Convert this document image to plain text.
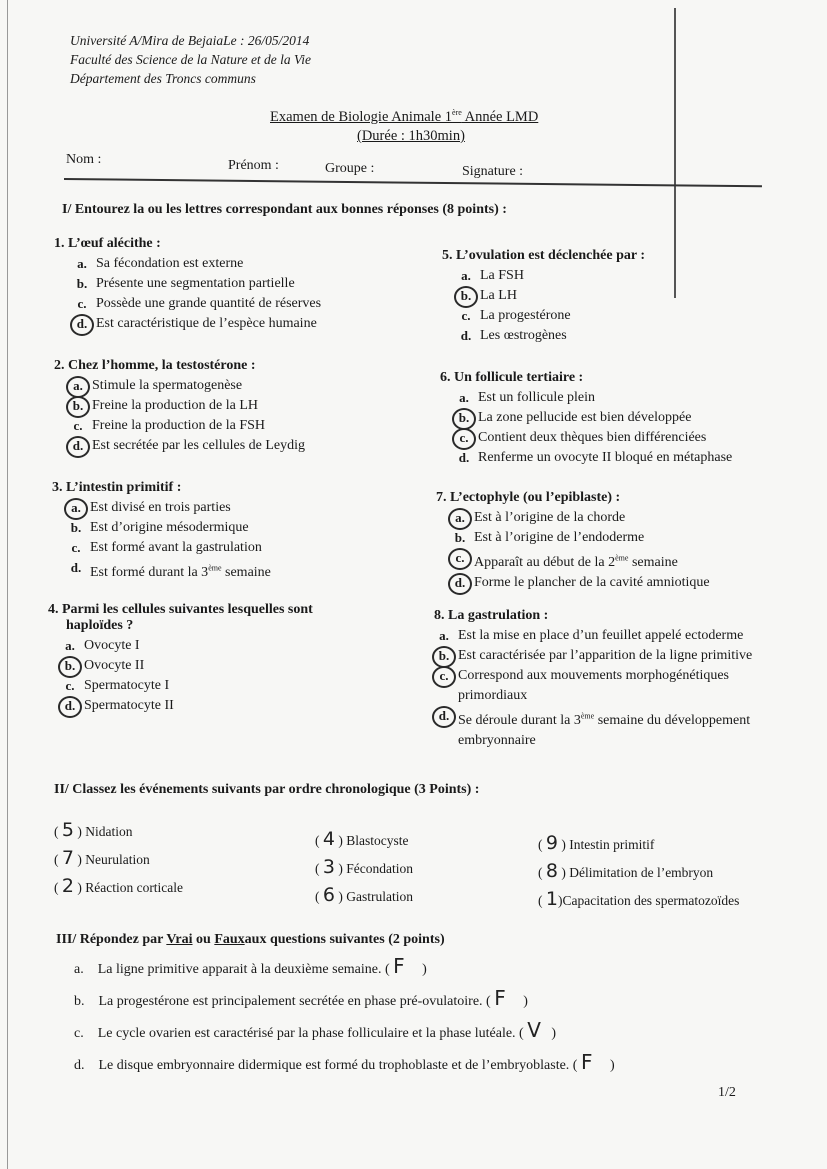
Université A/Mira de BejaiaLe : 26/05/2014
Faculté des Science de la Nature et de la Vie
Département des Troncs communs
Examen de Biologie Animale 1ère Année LMD
(Durée : 1h30min)
Nom :	Prénom :	Groupe :	Signature :
I/ Entourez la ou les lettres correspondant aux bonnes réponses (8 points) :
1. L’œuf alécithe :
a. Sa fécondation est externe
b. Présente une segmentation partielle
c. Possède une grande quantité de réserves
d. Est caractéristique de l’espèce humaine
2. Chez l’homme, la testostérone :
a. Stimule la spermatogenèse
b. Freine la production de la LH
c. Freine la production de la FSH
d. Est secrétée par les cellules de Leydig
3. L’intestin primitif :
a. Est divisé en trois parties
b. Est d’origine mésodermique
c. Est formé avant la gastrulation
d. Est formé durant la 3ème semaine
4. Parmi les cellules suivantes lesquelles sont
haploïdes ?
a. Ovocyte I
b. Ovocyte II
c. Spermatocyte I
d. Spermatocyte II
5. L’ovulation est déclenchée par :
a. La FSH
b. La LH
c. La progestérone
d. Les œstrogènes
6. Un follicule tertiaire :
a. Est un follicule plein
b. La zone pellucide est bien développée
c. Contient deux thèques bien différenciées
d. Renferme un ovocyte II bloqué en métaphase
7. L’ectophyle (ou l’epiblaste) :
a. Est à l’origine de la chorde
b. Est à l’origine de l’endoderme
c. Apparaît au début de la 2ème semaine
d. Forme le plancher de la cavité amniotique
8. La gastrulation :
a. Est la mise en place d’un feuillet appelé ectoderme
b. Est caractérisée par l’apparition de la ligne primitive
c. Correspond aux mouvements morphogénétiques
primordiaux
d. Se déroule durant la 3ème semaine du développement
embryonnaire
II/ Classez les événements suivants par ordre chronologique (3 Points) :
( 5 ) Nidation
( 7 ) Neurulation
( 2 ) Réaction corticale
( 4 ) Blastocyste
( 3 ) Fécondation
( 6 ) Gastrulation
( 9 ) Intestin primitif
( 8 ) Délimitation de l’embryon
( 1)Capacitation des spermatozoïdes
III/ Répondez par Vrai ou Fauxaux questions suivantes (2 points)
a. La ligne primitive apparait à la deuxième semaine. ( F     )
b. La progestérone est principalement secrétée en phase pré-ovulatoire. ( F     )
c. Le cycle ovarien est caractérisé par la phase folliculaire et la phase lutéale. ( V   )
d. Le disque embryonnaire didermique est formé du trophoblaste et de l’embryoblaste. ( F     )
1/2
